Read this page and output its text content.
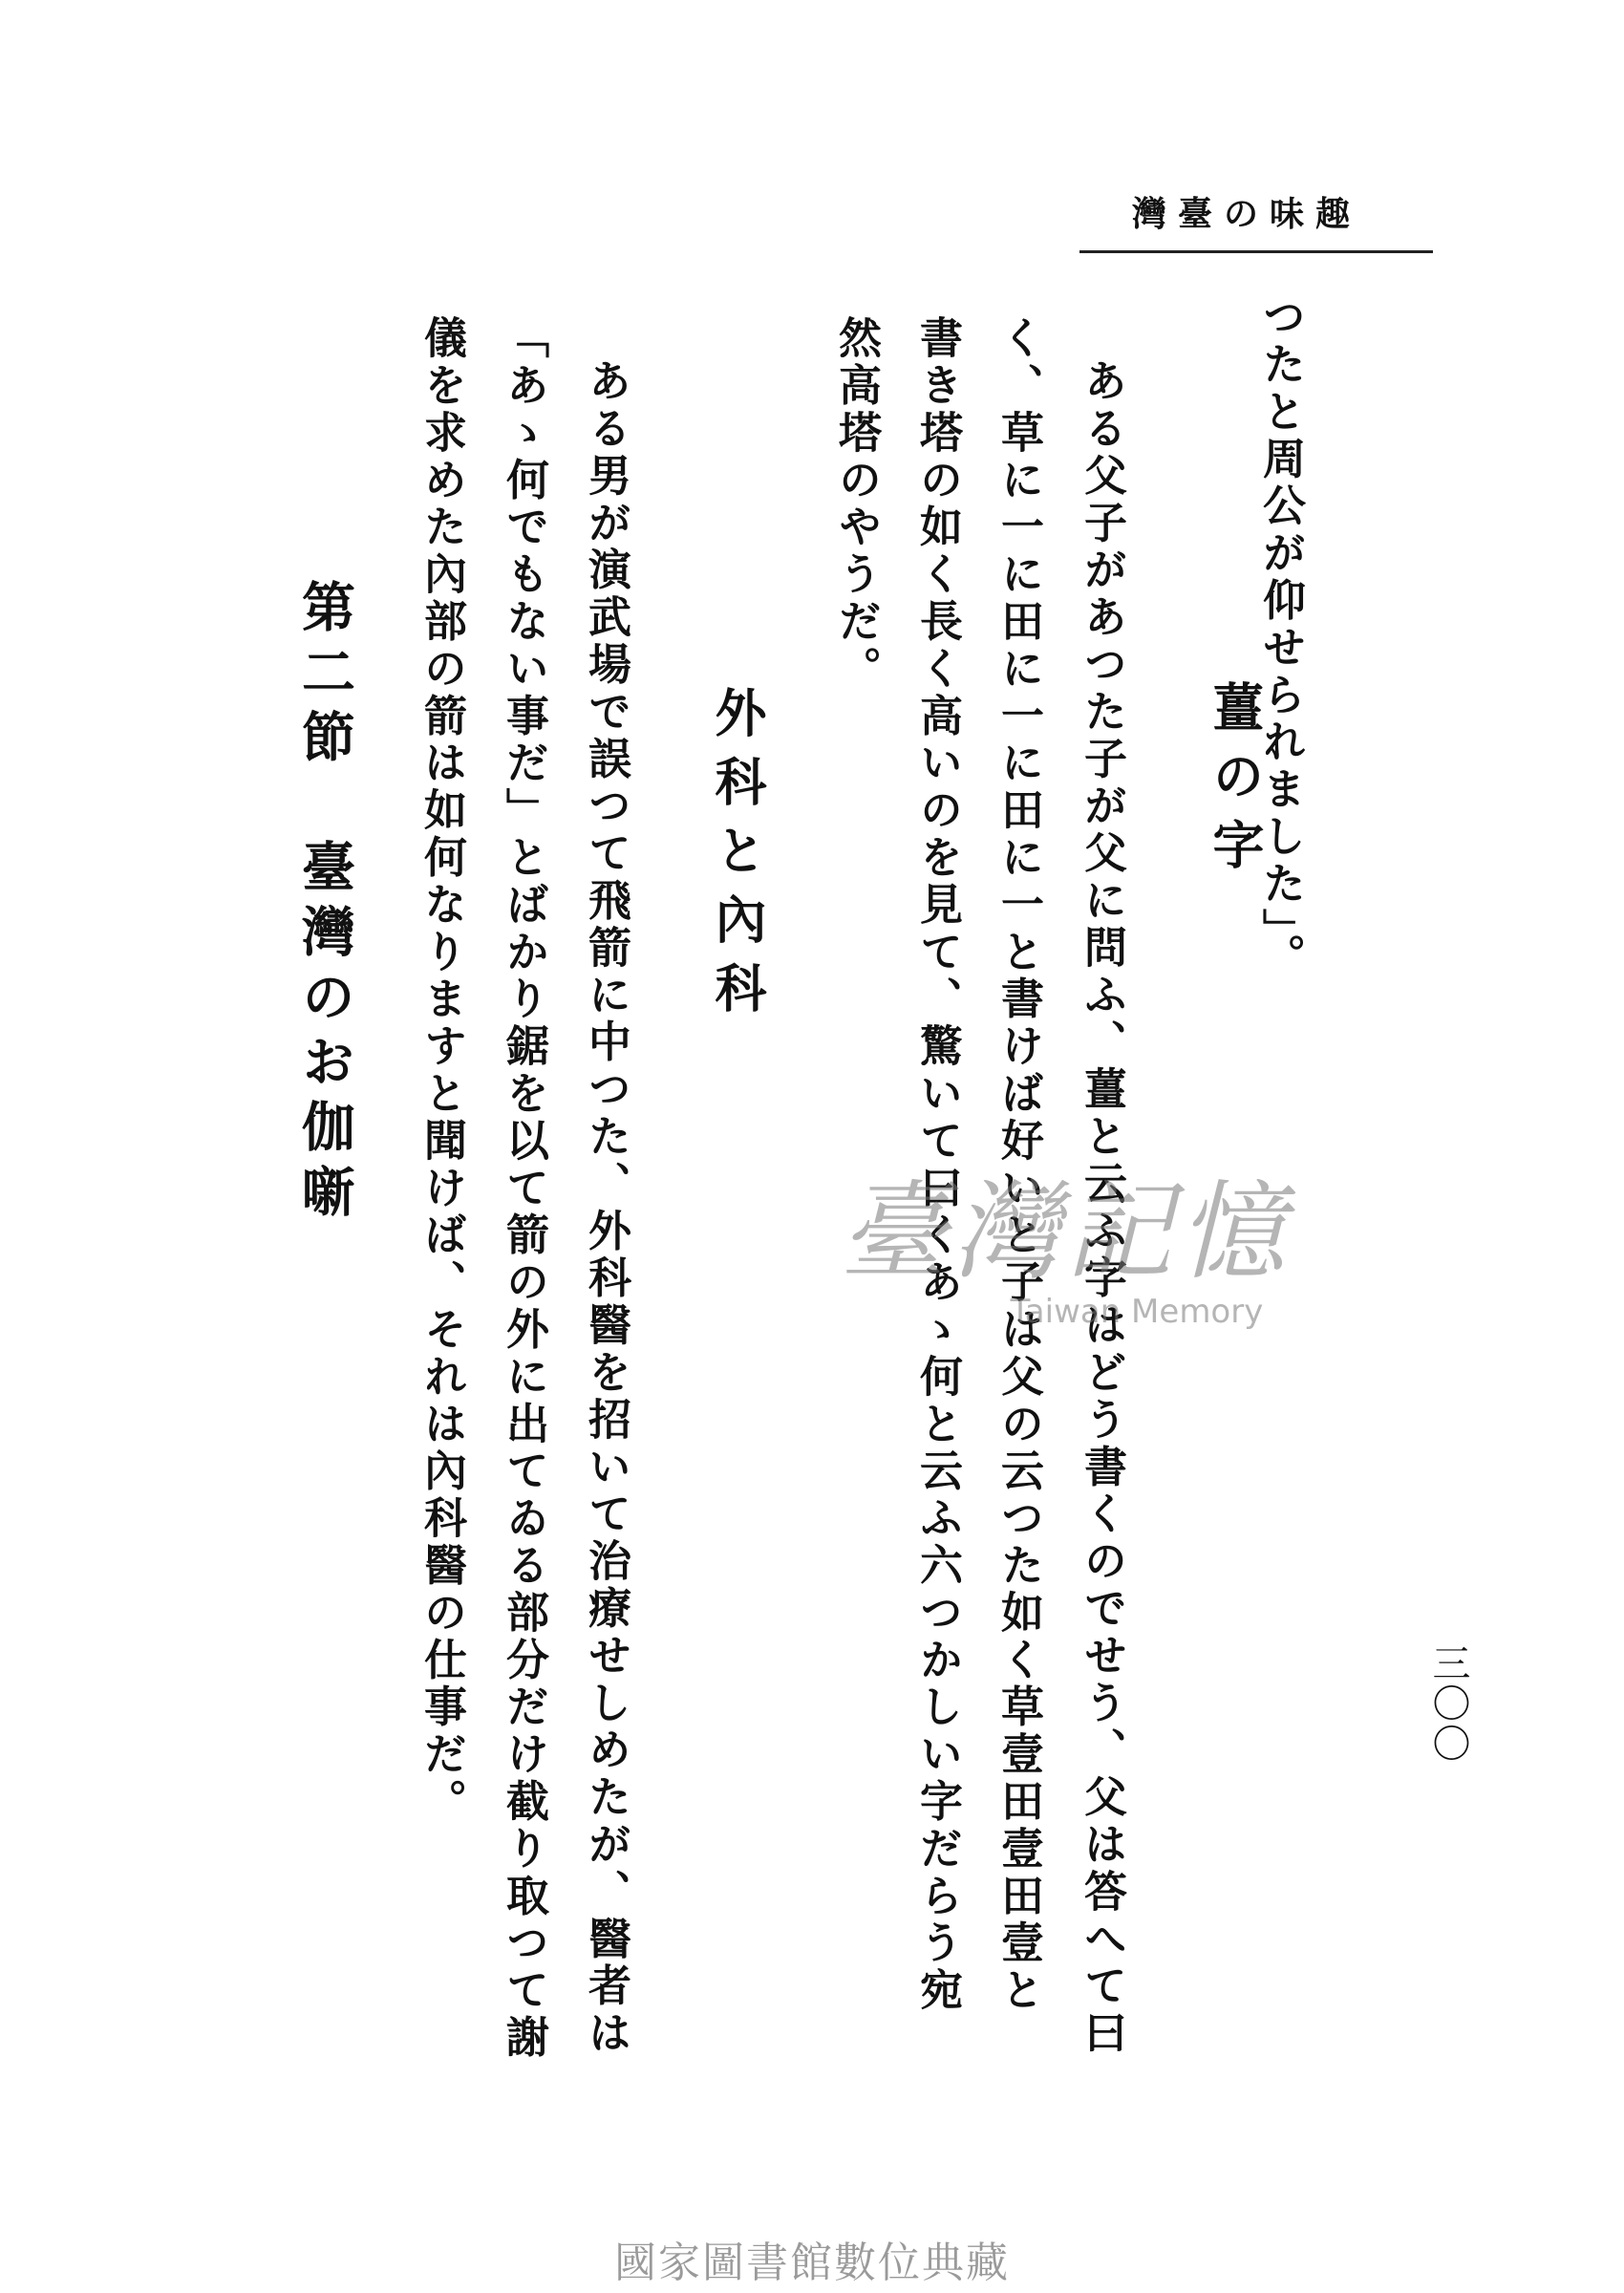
趣味の臺灣
三〇〇
つたと周公が仰せられました」。
薑の字
ある父子があつた子が父に問ふ、薑と云ふ字はどう書くのでせう、父は答へて曰
く、草に一に田に一に田に一と書けば好いと子は父の云つた如く草壹田壹田壹と
書き塔の如く長く高いのを見て、驚いて曰くあゝ何と云ふ六つかしい字だらう宛
然高塔のやうだ。
外科と內科
ある男が演武場で誤つて飛箭に中つた、外科醫を招いて治療せしめたが、醫者は
「あゝ何でもない事だ」とばかり鋸を以て箭の外に出てゐる部分だけ截り取つて謝
儀を求めた內部の箭は如何なりますと聞けば、それは內科醫の仕事だ。
第二節　臺灣のお伽噺
臺灣記憶
Taiwan Memory
國家圖書館數位典藏
